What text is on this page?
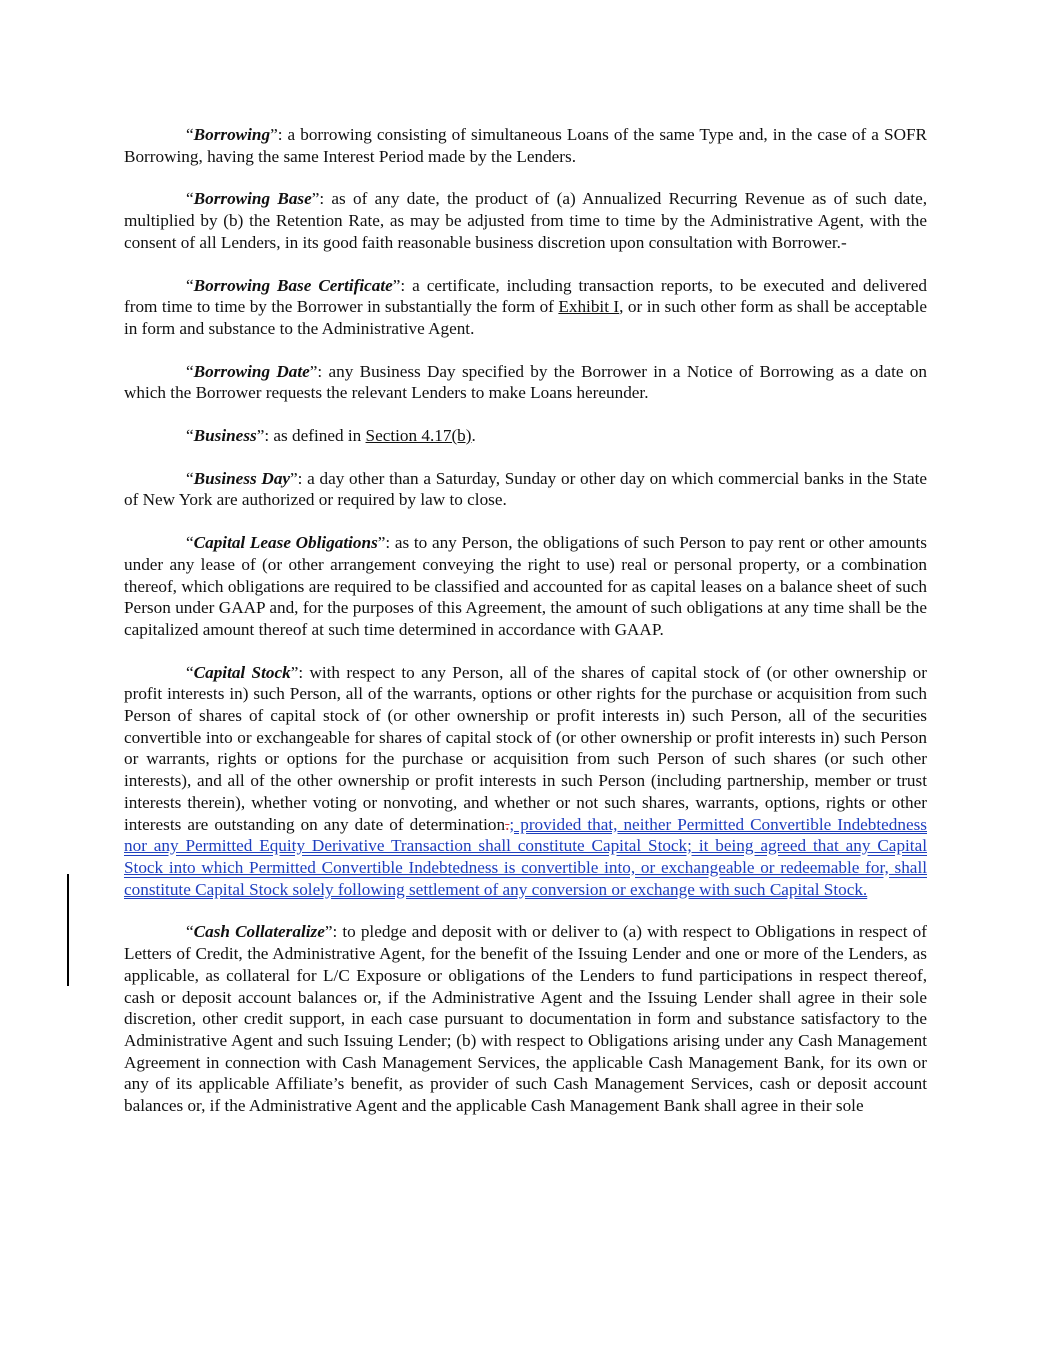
“Borrowing”: a borrowing consisting of simultaneous Loans of the same Type and, in the case of a SOFR Borrowing, having the same Interest Period made by the Lenders.

“Borrowing Base”: as of any date, the product of (a) Annualized Recurring Revenue as of such date, multiplied by (b) the Retention Rate, as may be adjusted from time to time by the Administrative Agent, with the consent of all Lenders, in its good faith reasonable business discretion upon consultation with Borrower.-

“Borrowing Base Certificate”: a certificate, including transaction reports, to be executed and delivered from time to time by the Borrower in substantially the form of Exhibit I, or in such other form as shall be acceptable in form and substance to the Administrative Agent.

“Borrowing Date”: any Business Day specified by the Borrower in a Notice of Borrowing as a date on which the Borrower requests the relevant Lenders to make Loans hereunder.

“Business”: as defined in Section 4.17(b).

“Business Day”: a day other than a Saturday, Sunday or other day on which commercial banks in the State of New York are authorized or required by law to close.

“Capital Lease Obligations”: as to any Person, the obligations of such Person to pay rent or other amounts under any lease of (or other arrangement conveying the right to use) real or personal property, or a combination thereof, which obligations are required to be classified and accounted for as capital leases on a balance sheet of such Person under GAAP and, for the purposes of this Agreement, the amount of such obligations at any time shall be the capitalized amount thereof at such time determined in accordance with GAAP.

“Capital Stock”: with respect to any Person, all of the shares of capital stock of (or other ownership or profit interests in) such Person, all of the warrants, options or other rights for the purchase or acquisition from such Person of shares of capital stock of (or other ownership or profit interests in) such Person, all of the securities convertible into or exchangeable for shares of capital stock of (or other ownership or profit interests in) such Person or warrants, rights or options for the purchase or acquisition from such Person of such shares (or such other interests), and all of the other ownership or profit interests in such Person (including partnership, member or trust interests therein), whether voting or nonvoting, and whether or not such shares, warrants, options, rights or other interests are outstanding on any date of determination.; provided that, neither Permitted Convertible Indebtedness nor any Permitted Equity Derivative Transaction shall constitute Capital Stock; it being agreed that any Capital Stock into which Permitted Convertible Indebtedness is convertible into, or exchangeable or redeemable for, shall constitute Capital Stock solely following settlement of any conversion or exchange with such Capital Stock.

“Cash Collateralize”: to pledge and deposit with or deliver to (a) with respect to Obligations in respect of Letters of Credit, the Administrative Agent, for the benefit of the Issuing Lender and one or more of the Lenders, as applicable, as collateral for L/C Exposure or obligations of the Lenders to fund participations in respect thereof, cash or deposit account balances or, if the Administrative Agent and the Issuing Lender shall agree in their sole discretion, other credit support, in each case pursuant to documentation in form and substance satisfactory to the Administrative Agent and such Issuing Lender; (b) with respect to Obligations arising under any Cash Management Agreement in connection with Cash Management Services, the applicable Cash Management Bank, for its own or any of its applicable Affiliate’s benefit, as provider of such Cash Management Services, cash or deposit account balances or, if the Administrative Agent and the applicable Cash Management Bank shall agree in their sole
